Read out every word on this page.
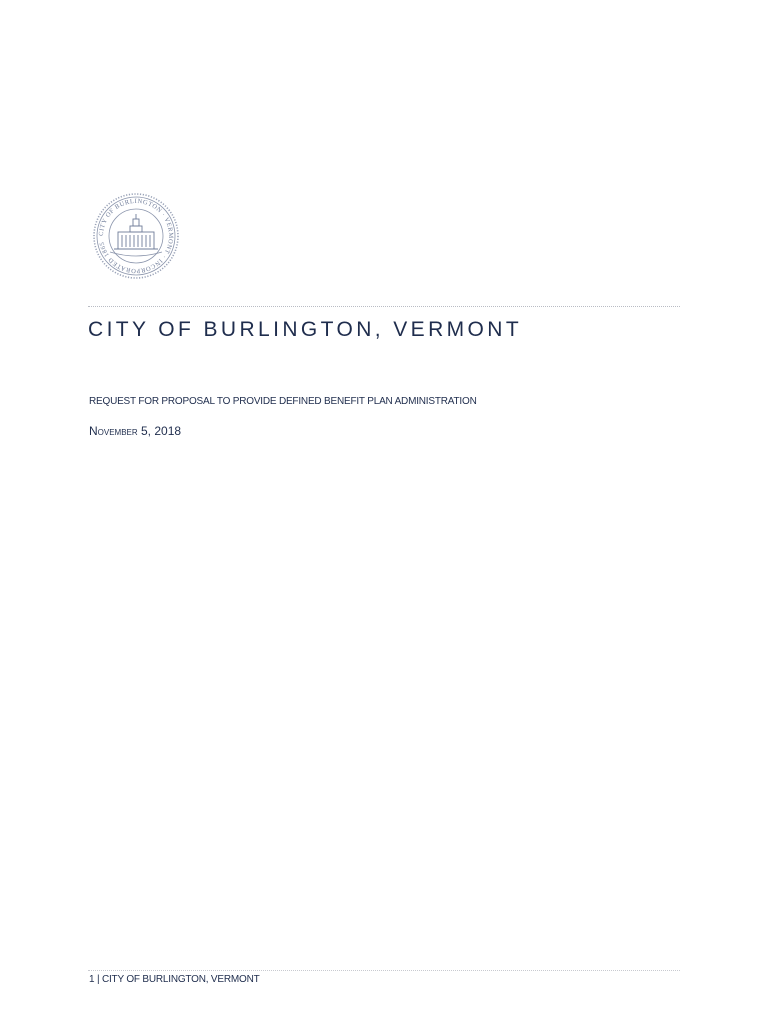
CITY OF BURLINGTON · VERMONT · INCORPORATED 1865
CITY OF BURLINGTON, VERMONT
REQUEST FOR PROPOSAL TO PROVIDE DEFINED BENEFIT PLAN ADMINISTRATION
November 5, 2018
1 | CITY OF BURLINGTON, VERMONT
